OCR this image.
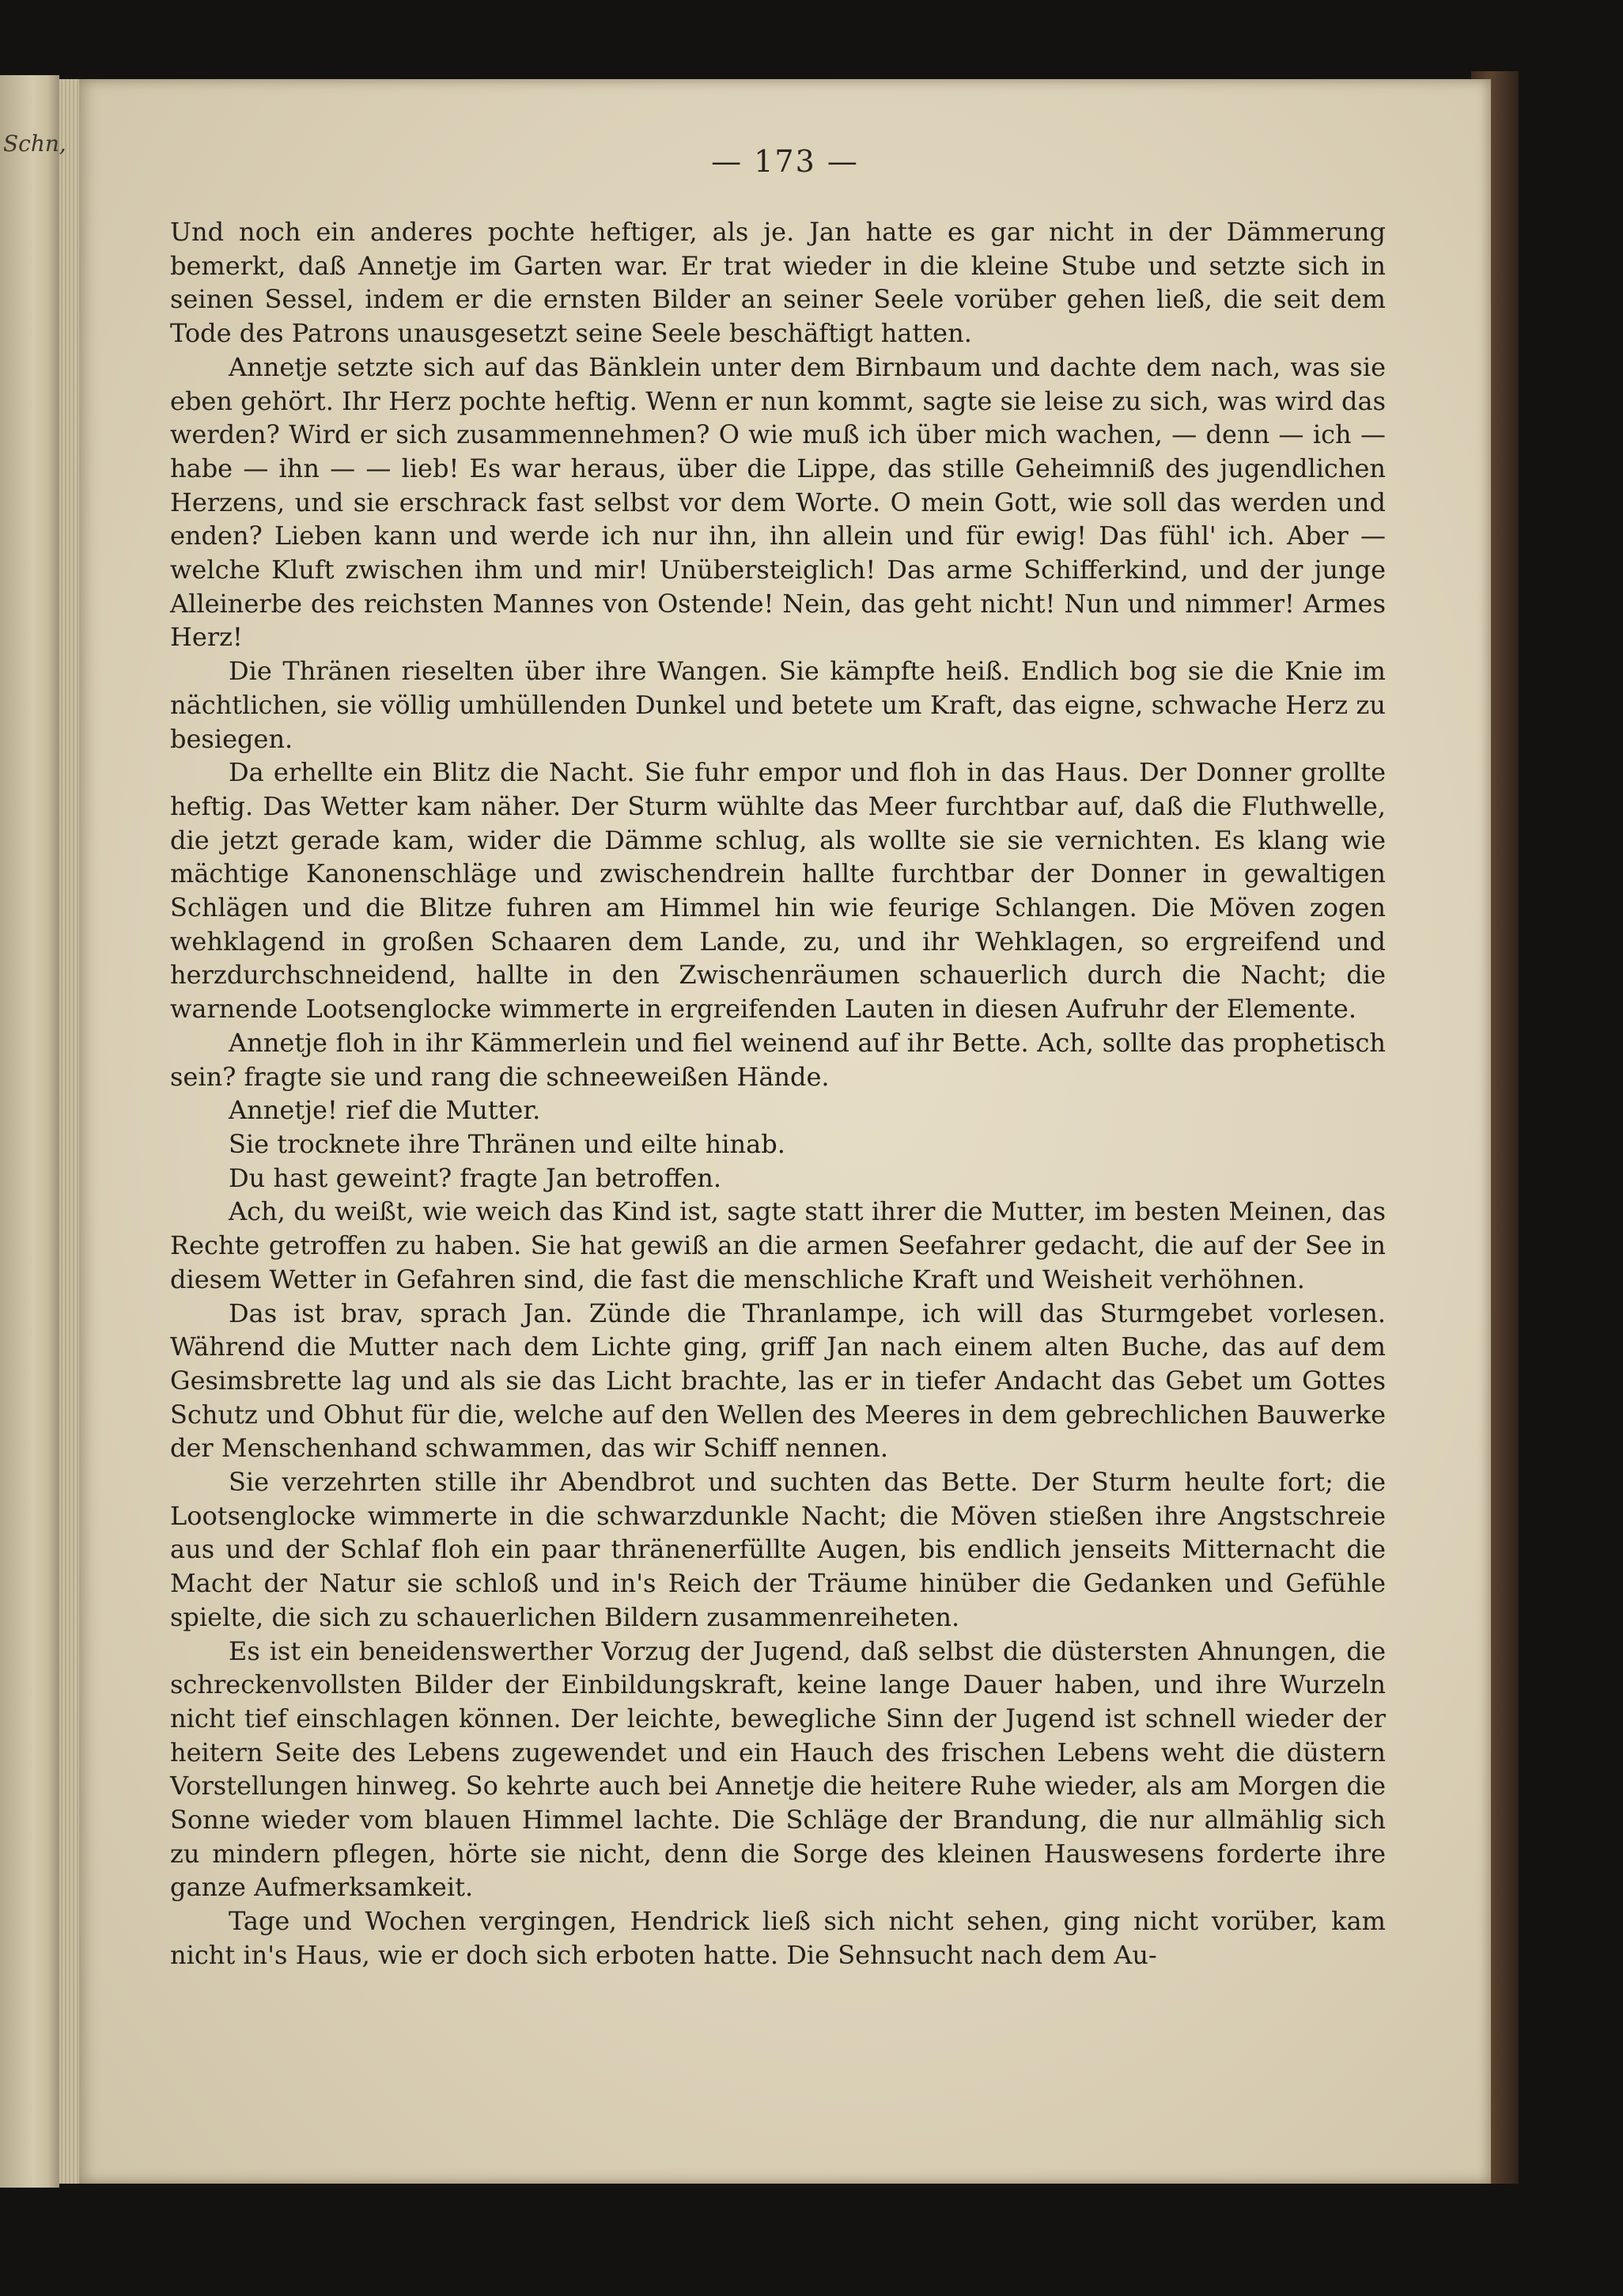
Schn,
— 173 —

Und noch ein anderes pochte heftiger, als je. Jan hatte es gar nicht in der Dämmerung bemerkt, daß Annetje im Garten war. Er trat wieder in die kleine Stube und setzte sich in seinen Sessel, indem er die ernsten Bilder an seiner Seele vorüber gehen ließ, die seit dem Tode des Patrons unausgesetzt seine Seele beschäftigt hatten.

Annetje setzte sich auf das Bänklein unter dem Birnbaum und dachte dem nach, was sie eben gehört. Ihr Herz pochte heftig. Wenn er nun kommt, sagte sie leise zu sich, was wird das werden? Wird er sich zusammennehmen? O wie muß ich über mich wachen, — denn — ich — habe — ihn — — lieb! Es war heraus, über die Lippe, das stille Geheimniß des jugendlichen Herzens, und sie erschrack fast selbst vor dem Worte. O mein Gott, wie soll das werden und enden? Lieben kann und werde ich nur ihn, ihn allein und für ewig! Das fühl' ich. Aber — welche Kluft zwischen ihm und mir! Unübersteiglich! Das arme Schifferkind, und der junge Alleinerbe des reichsten Mannes von Ostende! Nein, das geht nicht! Nun und nimmer! Armes Herz!

Die Thränen rieselten über ihre Wangen. Sie kämpfte heiß. Endlich bog sie die Knie im nächtlichen, sie völlig umhüllenden Dunkel und betete um Kraft, das eigne, schwache Herz zu besiegen.

Da erhellte ein Blitz die Nacht. Sie fuhr empor und floh in das Haus. Der Donner grollte heftig. Das Wetter kam näher. Der Sturm wühlte das Meer furchtbar auf, daß die Fluthwelle, die jetzt gerade kam, wider die Dämme schlug, als wollte sie sie vernichten. Es klang wie mächtige Kanonenschläge und zwischendrein hallte furchtbar der Donner in gewaltigen Schlägen und die Blitze fuhren am Himmel hin wie feurige Schlangen. Die Möven zogen wehklagend in großen Schaaren dem Lande, zu, und ihr Wehklagen, so ergreifend und herzdurchschneidend, hallte in den Zwischenräumen schauerlich durch die Nacht; die warnende Lootsenglocke wimmerte in ergreifenden Lauten in diesen Aufruhr der Elemente.

Annetje floh in ihr Kämmerlein und fiel weinend auf ihr Bette. Ach, sollte das prophetisch sein? fragte sie und rang die schneeweißen Hände.

Annetje! rief die Mutter.

Sie trocknete ihre Thränen und eilte hinab.

Du hast geweint? fragte Jan betroffen.

Ach, du weißt, wie weich das Kind ist, sagte statt ihrer die Mutter, im besten Meinen, das Rechte getroffen zu haben. Sie hat gewiß an die armen Seefahrer gedacht, die auf der See in diesem Wetter in Gefahren sind, die fast die menschliche Kraft und Weisheit verhöhnen.

Das ist brav, sprach Jan. Zünde die Thranlampe, ich will das Sturmgebet vorlesen. Während die Mutter nach dem Lichte ging, griff Jan nach einem alten Buche, das auf dem Gesimsbrette lag und als sie das Licht brachte, las er in tiefer Andacht das Gebet um Gottes Schutz und Obhut für die, welche auf den Wellen des Meeres in dem gebrechlichen Bauwerke der Menschenhand schwammen, das wir Schiff nennen.

Sie verzehrten stille ihr Abendbrot und suchten das Bette. Der Sturm heulte fort; die Lootsenglocke wimmerte in die schwarzdunkle Nacht; die Möven stießen ihre Angstschreie aus und der Schlaf floh ein paar thränenerfüllte Augen, bis endlich jenseits Mitternacht die Macht der Natur sie schloß und in's Reich der Träume hinüber die Gedanken und Gefühle spielte, die sich zu schauerlichen Bildern zusammenreiheten.

Es ist ein beneidenswerther Vorzug der Jugend, daß selbst die düstersten Ahnungen, die schreckenvollsten Bilder der Einbildungskraft, keine lange Dauer haben, und ihre Wurzeln nicht tief einschlagen können. Der leichte, bewegliche Sinn der Jugend ist schnell wieder der heitern Seite des Lebens zugewendet und ein Hauch des frischen Lebens weht die düstern Vorstellungen hinweg. So kehrte auch bei Annetje die heitere Ruhe wieder, als am Morgen die Sonne wieder vom blauen Himmel lachte. Die Schläge der Brandung, die nur allmählig sich zu mindern pflegen, hörte sie nicht, denn die Sorge des kleinen Hauswesens forderte ihre ganze Aufmerksamkeit.

Tage und Wochen vergingen, Hendrick ließ sich nicht sehen, ging nicht vorüber, kam nicht in's Haus, wie er doch sich erboten hatte. Die Sehnsucht nach dem Au-
